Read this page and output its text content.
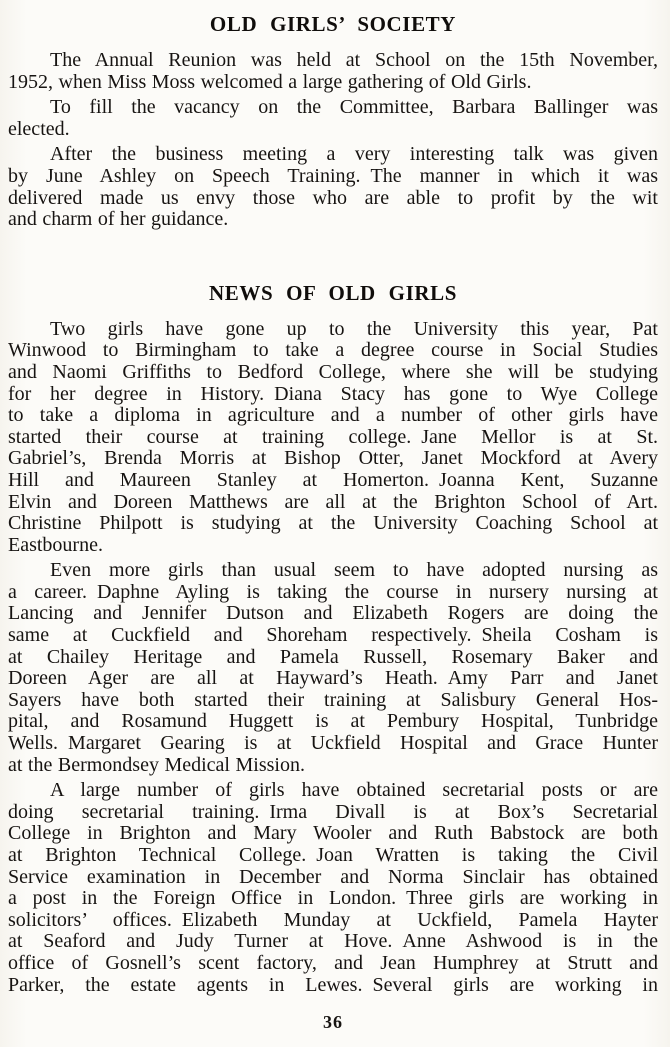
OLD GIRLS’ SOCIETY
The Annual Reunion was held at School on the 15th November,
1952, when Miss Moss welcomed a large gathering of Old Girls.
To fill the vacancy on the Committee, Barbara Ballinger was
elected.
After the business meeting a very interesting talk was given
by June Ashley on Speech Training. The manner in which it was
delivered made us envy those who are able to profit by the wit
and charm of her guidance.
NEWS OF OLD GIRLS
Two girls have gone up to the University this year, Pat
Winwood to Birmingham to take a degree course in Social Studies
and Naomi Griffiths to Bedford College, where she will be studying
for her degree in History. Diana Stacy has gone to Wye College
to take a diploma in agriculture and a number of other girls have
started their course at training college. Jane Mellor is at St.
Gabriel’s, Brenda Morris at Bishop Otter, Janet Mockford at Avery
Hill and Maureen Stanley at Homerton. Joanna Kent, Suzanne
Elvin and Doreen Matthews are all at the Brighton School of Art.
Christine Philpott is studying at the University Coaching School at
Eastbourne.
Even more girls than usual seem to have adopted nursing as
a career. Daphne Ayling is taking the course in nursery nursing at
Lancing and Jennifer Dutson and Elizabeth Rogers are doing the
same at Cuckfield and Shoreham respectively. Sheila Cosham is
at Chailey Heritage and Pamela Russell, Rosemary Baker and
Doreen Ager are all at Hayward’s Heath. Amy Parr and Janet
Sayers have both started their training at Salisbury General Hos-
pital, and Rosamund Huggett is at Pembury Hospital, Tunbridge
Wells. Margaret Gearing is at Uckfield Hospital and Grace Hunter
at the Bermondsey Medical Mission.
A large number of girls have obtained secretarial posts or are
doing secretarial training. Irma Divall is at Box’s Secretarial
College in Brighton and Mary Wooler and Ruth Babstock are both
at Brighton Technical College. Joan Wratten is taking the Civil
Service examination in December and Norma Sinclair has obtained
a post in the Foreign Office in London. Three girls are working in
solicitors’ offices. Elizabeth Munday at Uckfield, Pamela Hayter
at Seaford and Judy Turner at Hove. Anne Ashwood is in the
office of Gosnell’s scent factory, and Jean Humphrey at Strutt and
Parker, the estate agents in Lewes. Several girls are working in
36
